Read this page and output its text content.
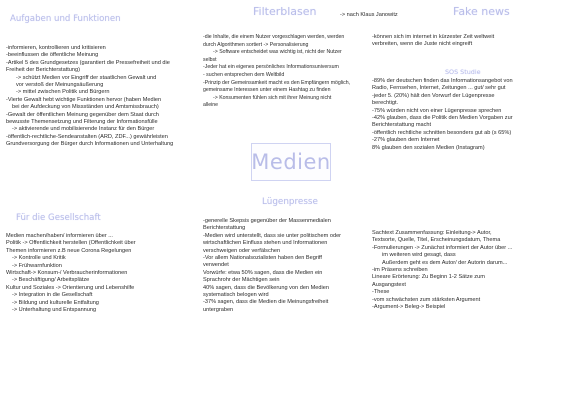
Filterblasen	-> nach Klaus Janowitz	Fake news
Aufgaben und Funktionen
-informieren, kontrollieren und kritisieren
-beeinflussen die öffentliche Meinung
-Artikel 5 des Grundgesetzes (garantiert die Pressefreiheit und die
Freiheit der Berichterstattung)
-> schützt Medien vor Eingriff der staatlichen Gewalt und
vor verstoß der Meinungsäußerung
-> mittel zwischen Politik und Bürgern
-Vierte Gewalt hebt wichtige Funktionen hervor (haben Medien
bei der Aufdeckung von Missständen und Amtsmissbrauch)
-Gewalt der öffentlichen Meinung gegenüber dem Staat durch
bewusste Themensetzung und Filterung der Informationsfülle
-> aktivierende und mobilisierende Instanz für den Bürger
-öffentlich-rechtliche-Sendeanstalten (ARD, ZDF...) gewährleisten
Grundversorgung der Bürger durch Informationen und Unterhaltung
Für die Gesellschaft
Medien machen/haben/ informieren über ...
Politik -> Öffentlichkeit herstellen (Öffentlichkeit über
Themen informieren z.B neue Corona Regelungen
-> Kontrolle und Kritik
-> Frühwarnfunktion
Wirtschaft-> Konsum-/ Verbraucherinformationen
-> Beschäftigung/ Arbeitsplätze
Kultur und Soziales -> Orientierung und Lebenshilfe
-> Integration in die Gesellschaft
-> Bildung und kulturelle Entfaltung
-> Unterhaltung und Entspannung
-die Inhalte, die einem Nutzer vorgeschlagen werden, werden
durch Algorithmen sortiert -> Personalisierung
-> Software entscheidet was wichtig ist, nicht der Nutzer
selbst
-Jeder hat ein eigenes persönliches Informationsuniversum
- suchen entsprechen dem Weltbild
-Prinzip der Gemeinsamkeit macht es den Empfängern möglich,
gemeinsame Interessen unter einem Hashtag zu finden
-> Konsumenten fühlen sich mit ihrer Meinung nicht
alleine
Medien
Lügenpresse
-generelle Skepsis gegenüber der Massenmedialen
Berichterstattung
-Medien wird unterstellt, dass sie unter politischem oder
wirtschaftlichen Einfluss stehen und Informationen
verschweigen oder verfälschen
-Vor allem Nationalsozialisten haben den Begriff
verwendet
Vorwürfe: etwa 50% sagen, dass die Medien ein
Sprachrohr der Mächtigen sein
40% sagen, dass die Bevölkerung von den Medien
systematisch belogen wird
-37% sagen, dass die Medien die Meinungsfreiheit
untergraben
-können sich im internet in kürzester Zeit weltweit
verbreiten, wenn die Juste nicht eingreift
SOS Studie
-89% der deutschen finden das Informationsangebot von
Radio, Fernsehen, Internet, Zeitungen ... gut/ sehr gut
-jeder 5. (20%) hält den Vorwurf der Lügenpresse
berechtigt.
-75% würden nicht von einer Lügenpresse sprechen
-42% glauben, dass die Politik den Medien Vorgaben zur
Berichterstattung macht
-öffentlich rechtliche schnitten besonders gut ab (s 65%)
-27% glauben dem Internet
8% glauben den sozialen Medien (Instagram)
Sachtext Zusammenfassung: Einleitung-> Autor,
Textsorte, Quelle, Titel, Erscheinungsdatum, Thema
-Formulierungen -> Zunächst informiert der Autor über ...
im weiteren wird gesagt, dass
Außerdem geht es dem Autor/ der Autorin darum...
-im Präsens schreiben
Lineare Erörterung: Zu Beginn 1-2 Sätze zum
Ausgangstext
-These
-vom schwächsten zum stärksten Argument
-Argument-> Beleg-> Beispiel
